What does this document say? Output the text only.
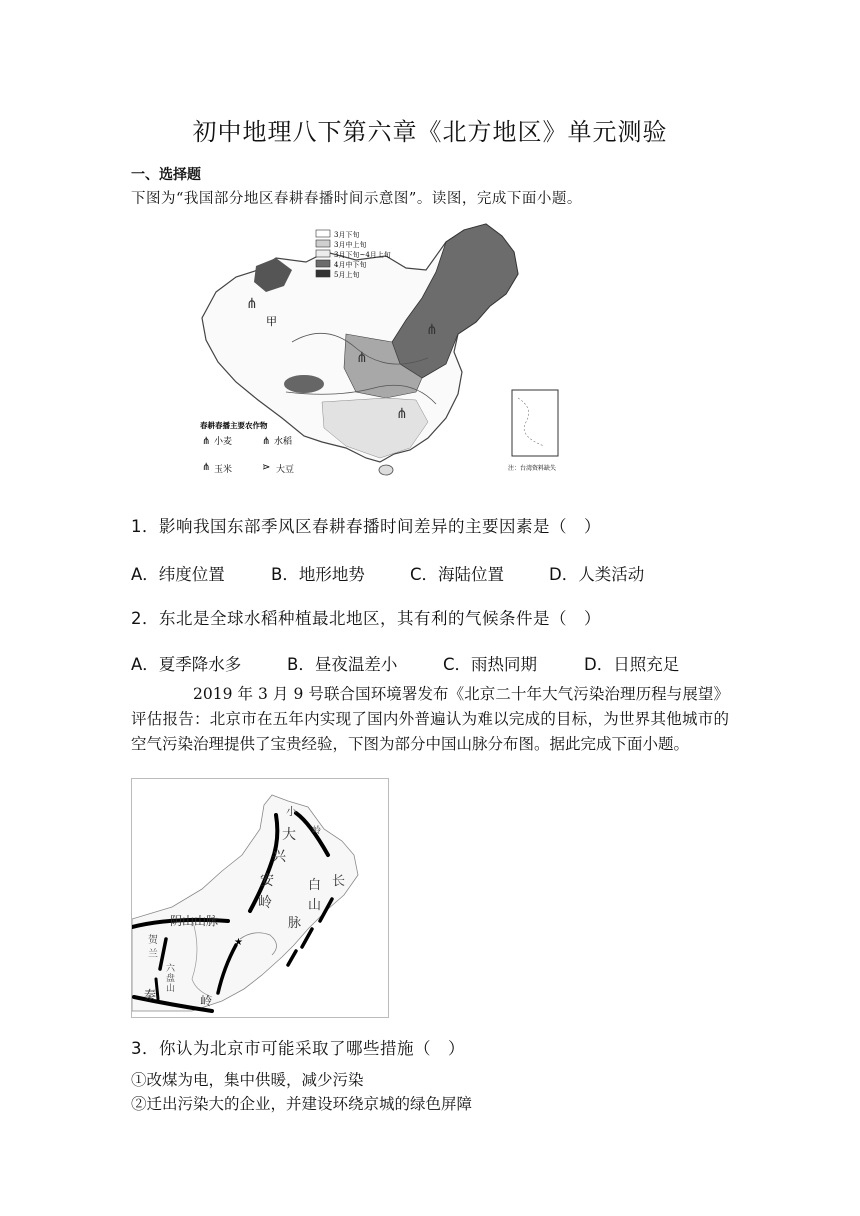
初中地理八下第六章《北方地区》单元测验
一、选择题
下图为“我国部分地区春耕春播时间示意图”。读图，完成下面小题。
3月下旬
3月中上旬
3月下旬~4月上旬
4月中下旬
5月上旬
甲
⋔
⋔
⋔
⋔
春耕春播主要农作物
⋔ 小麦	⋔ 水稻
⋔ 玉米	⋗ 大豆	注：台湾资料缺失
1．影响我国东部季风区春耕春播时间差异的主要因素是（　）
A．纬度位置	B．地形地势	C．海陆位置	D．人类活动
2．东北是全球水稻种植最北地区，其有利的气候条件是（　）
A．夏季降水多	B．昼夜温差小	C．雨热同期	D．日照充足
2019 年 3 月 9 号联合国环境署发布《北京二十年大气污染治理历程与展望》评估报告：北京市在五年内实现了国内外普遍认为难以完成的目标，为世界其他城市的空气污染治理提供了宝贵经验，下图为部分中国山脉分布图。据此完成下面小题。
大
兴
安
岭
小
岭
长
白
山
脉
阴山山脉
贺
兰
六
盘
山
秦	岭
★
3．你认为北京市可能采取了哪些措施（　）
①改煤为电，集中供暖，减少污染
②迁出污染大的企业，并建设环绕京城的绿色屏障
